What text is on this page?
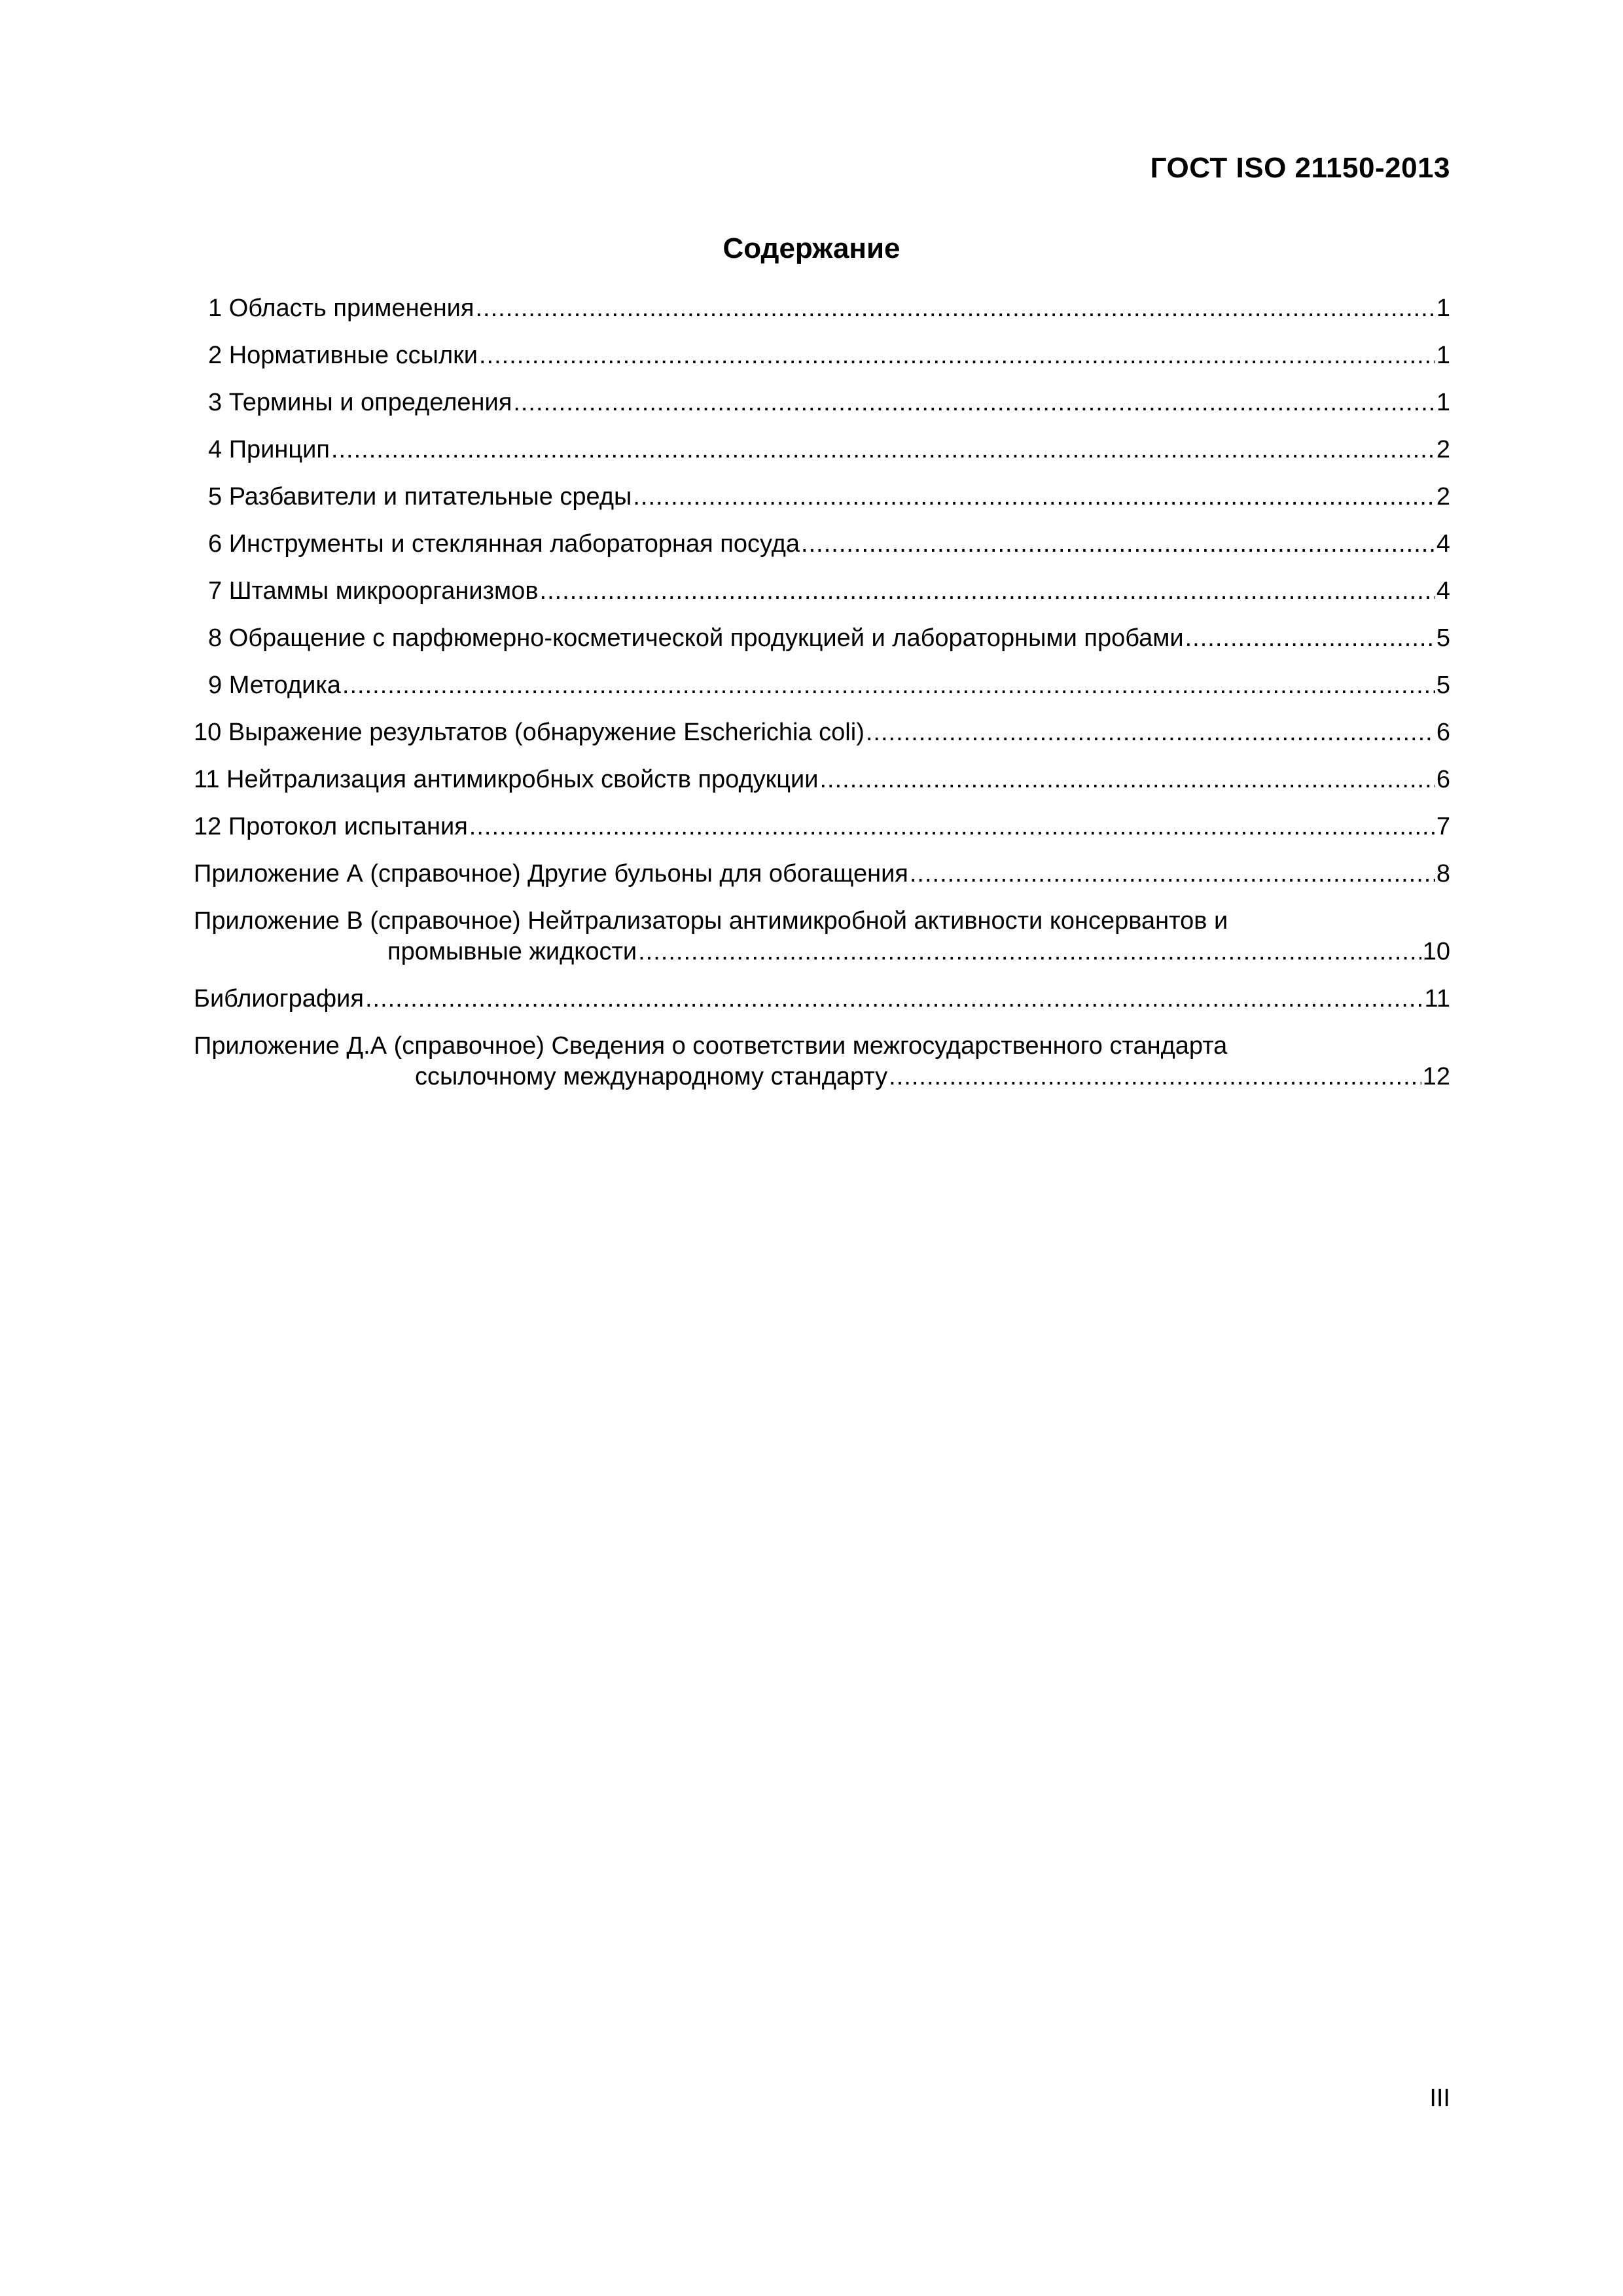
ГОСТ ISO 21150-2013
Содержание
1 Область применения .....	1
2 Нормативные ссылки .....	1
3 Термины и определения .....	1
4 Принцип .....	2
5 Разбавители и питательные среды .....	2
6 Инструменты и стеклянная лабораторная посуда .....	4
7 Штаммы микроорганизмов .....	4
8 Обращение с парфюмерно-косметической продукцией и лабораторными пробами .....	5
9 Методика .....	5
10 Выражение результатов (обнаружение Escherichia coli) .....	6
11 Нейтрализация антимикробных свойств продукции .....	6
12 Протокол испытания .....	7
Приложение А (справочное) Другие бульоны для обогащения .....	8
Приложение В (справочное) Нейтрализаторы антимикробной активности консервантов и
промывные жидкости .....	10
Библиография .....	11
Приложение Д.А (справочное) Сведения о соответствии межгосударственного стандарта
ссылочному международному стандарту .....	12
III
